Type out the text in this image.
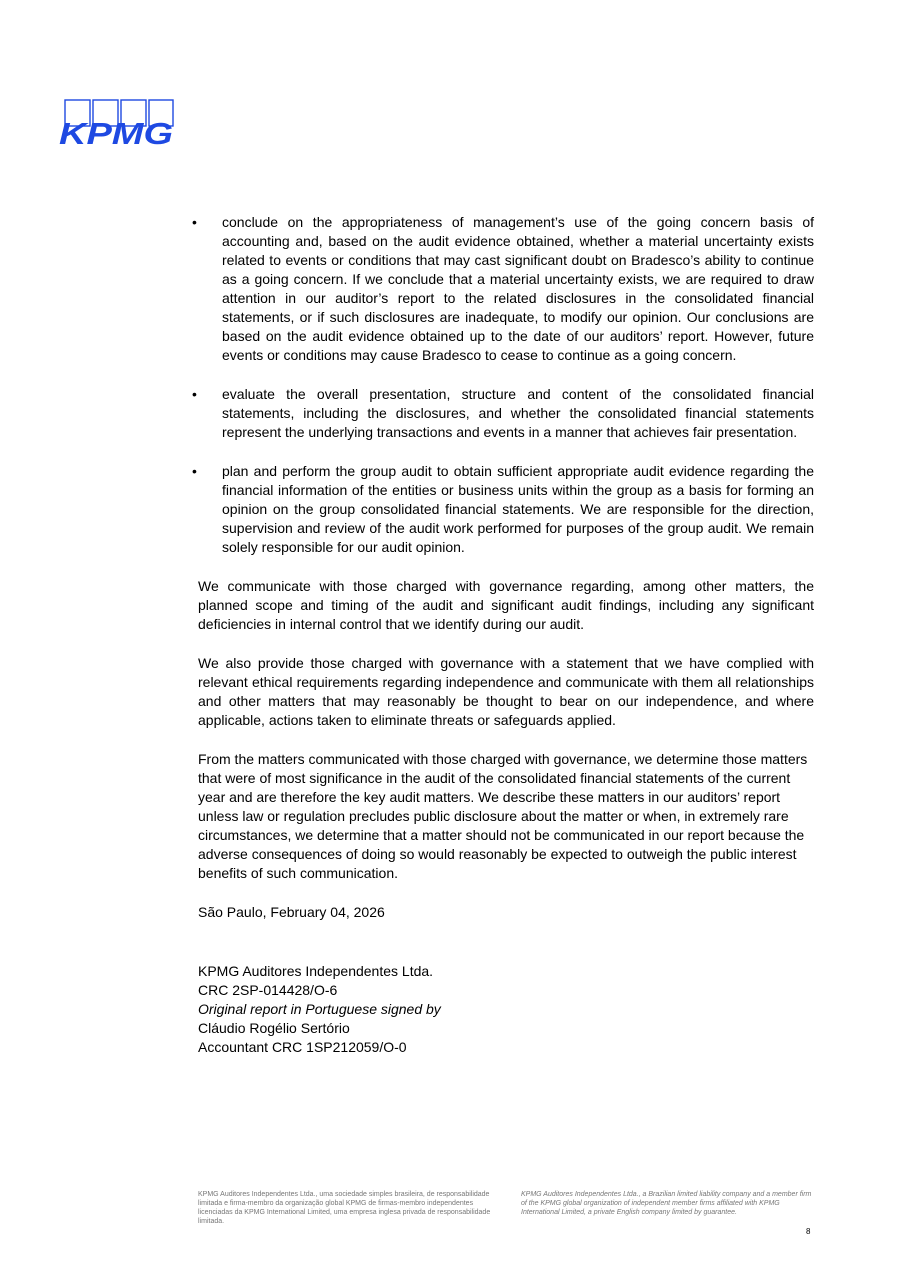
KPMG
• conclude on the appropriateness of management’s use of the going concern basis of accounting and, based on the audit evidence obtained, whether a material uncertainty exists related to events or conditions that may cast significant doubt on Bradesco’s ability to continue as a going concern. If we conclude that a material uncertainty exists, we are required to draw attention in our auditor’s report to the related disclosures in the consolidated financial statements, or if such disclosures are inadequate, to modify our opinion. Our conclusions are based on the audit evidence obtained up to the date of our auditors’ report. However, future events or conditions may cause Bradesco to cease to continue as a going concern.
• evaluate the overall presentation, structure and content of the consolidated financial statements, including the disclosures, and whether the consolidated financial statements represent the underlying transactions and events in a manner that achieves fair presentation.
• plan and perform the group audit to obtain sufficient appropriate audit evidence regarding the financial information of the entities or business units within the group as a basis for forming an opinion on the group consolidated financial statements. We are responsible for the direction, supervision and review of the audit work performed for purposes of the group audit. We remain solely responsible for our audit opinion.

We communicate with those charged with governance regarding, among other matters, the planned scope and timing of the audit and significant audit findings, including any significant deficiencies in internal control that we identify during our audit.

We also provide those charged with governance with a statement that we have complied with relevant ethical requirements regarding independence and communicate with them all relationships and other matters that may reasonably be thought to bear on our independence, and where applicable, actions taken to eliminate threats or safeguards applied.

From the matters communicated with those charged with governance, we determine those matters that were of most significance in the audit of the consolidated financial statements of the current year and are therefore the key audit matters. We describe these matters in our auditors’ report unless law or regulation precludes public disclosure about the matter or when, in extremely rare circumstances, we determine that a matter should not be communicated in our report because the adverse consequences of doing so would reasonably be expected to outweigh the public interest benefits of such communication.

São Paulo, February 04, 2026

KPMG Auditores Independentes Ltda.
CRC 2SP-014428/O-6
Original report in Portuguese signed by
Cláudio Rogélio Sertório
Accountant CRC 1SP212059/O-0
KPMG Auditores Independentes Ltda., uma sociedade simples brasileira, de responsabilidade limitada e firma-membro da organização global KPMG de firmas-membro independentes licenciadas da KPMG International Limited, uma empresa inglesa privada de responsabilidade limitada.
KPMG Auditores Independentes Ltda., a Brazilian limited liability company and a member firm of the KPMG global organization of independent member firms affiliated with KPMG International Limited, a private English company limited by guarantee.
8
